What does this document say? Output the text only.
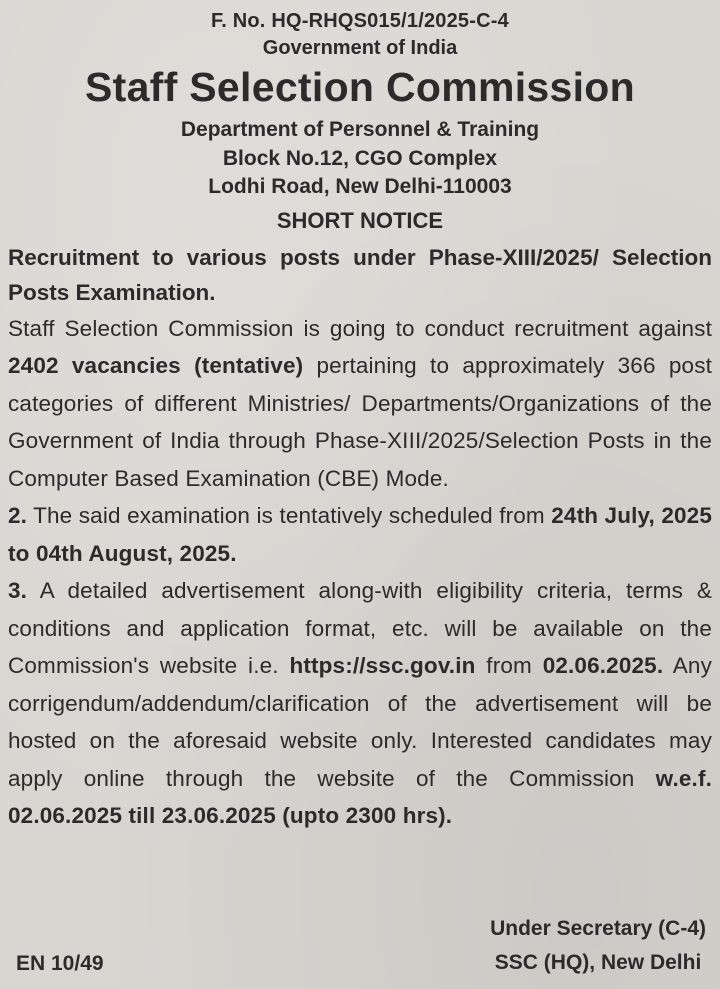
F. No. HQ-RHQS015/1/2025-C-4
Government of India
Staff Selection Commission
Department of Personnel & Training
Block No.12, CGO Complex
Lodhi Road, New Delhi-110003
SHORT NOTICE

Recruitment to various posts under Phase-XIII/2025/ Selection Posts Examination.

Staff Selection Commission is going to conduct recruitment against 2402 vacancies (tentative) pertaining to approximately 366 post categories of different Ministries/ Departments/Organizations of the Government of India through Phase-XIII/2025/Selection Posts in the Computer Based Examination (CBE) Mode.

2. The said examination is tentatively scheduled from 24th July, 2025 to 04th August, 2025.

3. A detailed advertisement along-with eligibility criteria, terms & conditions and application format, etc. will be available on the Commission's website i.e. https://ssc.gov.in from 02.06.2025. Any corrigendum/addendum/clarification of the advertisement will be hosted on the aforesaid website only. Interested candidates may apply online through the website of the Commission w.e.f. 02.06.2025 till 23.06.2025 (upto 2300 hrs).

Under Secretary (C-4)
SSC (HQ), New Delhi
EN 10/49
